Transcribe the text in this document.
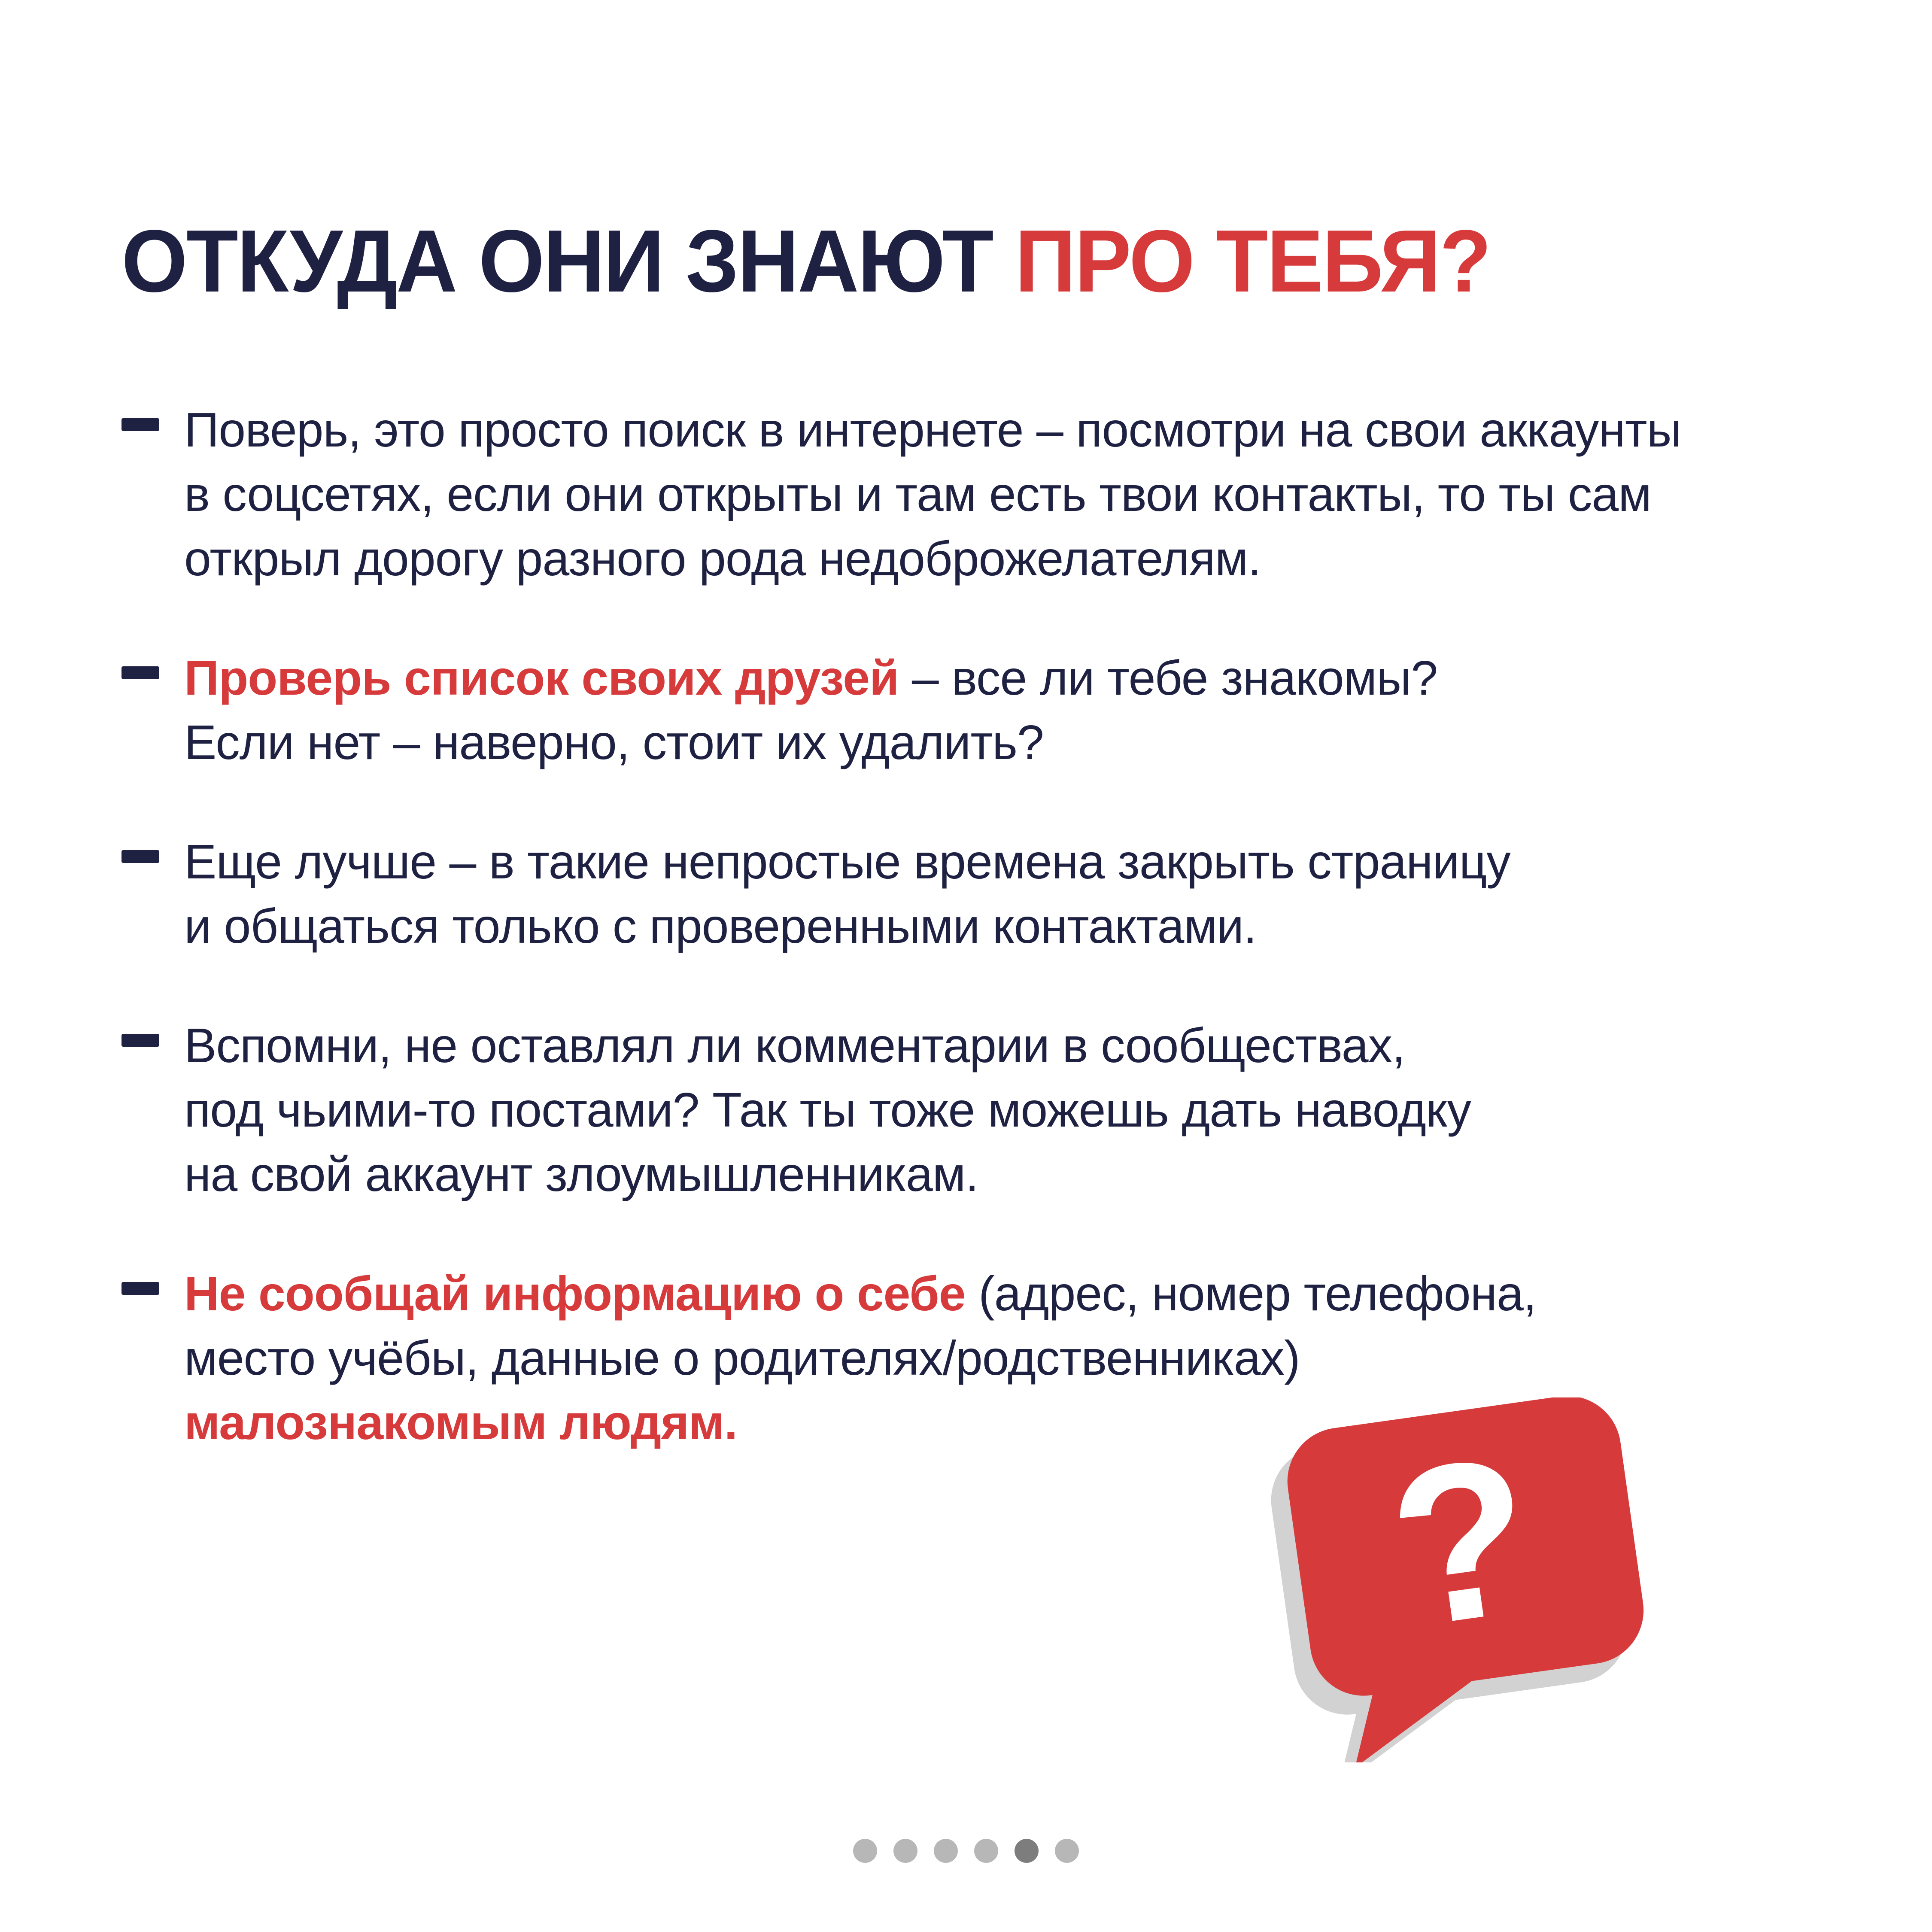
ОТКУДА ОНИ ЗНАЮТ ПРО ТЕБЯ?
Поверь, это просто поиск в интернете – посмотри на свои аккаунты
в соцсетях, если они открыты и там есть твои контакты, то ты сам
открыл дорогу разного рода недоброжелателям.
Проверь список своих друзей – все ли тебе знакомы?
Если нет – наверно, стоит их удалить?
Еще лучше – в такие непростые времена закрыть страницу
и общаться только с проверенными контактами.
Вспомни, не оставлял ли комментарии в сообществах,
под чьими-то постами? Так ты тоже можешь дать наводку
на свой аккаунт злоумышленникам.
Не сообщай информацию о себе (адрес, номер телефона,
место учёбы, данные о родителях/родственниках)
малознакомым людям.	?
